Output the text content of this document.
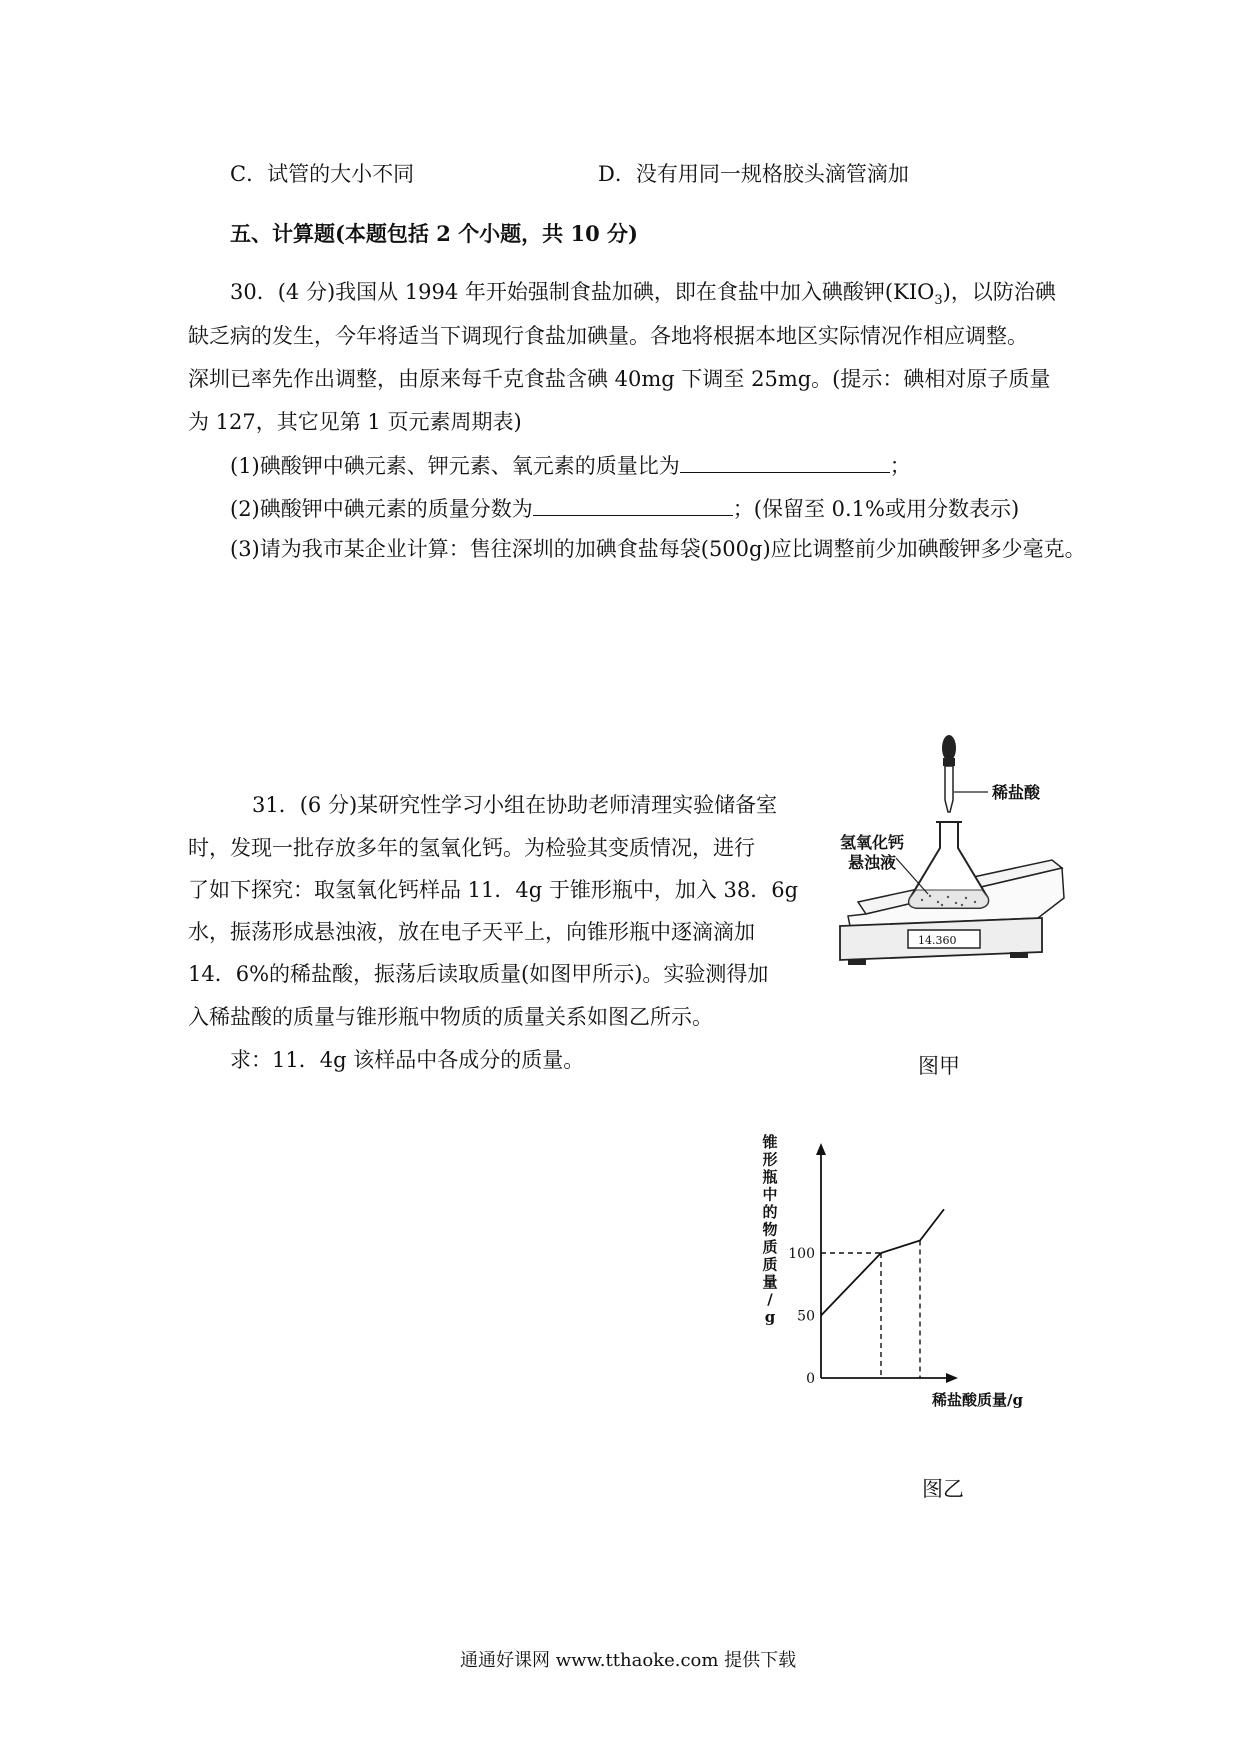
C．试管的大小不同	D．没有用同一规格胶头滴管滴加
五、计算题(本题包括 2 个小题，共 10 分)
30．(4 分)我国从 1994 年开始强制食盐加碘，即在食盐中加入碘酸钾$(KIO_3)$，以防治碘
缺乏病的发生，今年将适当下调现行食盐加碘量。各地将根据本地区实际情况作相应调整。
深圳已率先作出调整，由原来每千克食盐含碘 40mg 下调至 25mg。(提示：碘相对原子质量
为 127，其它见第 1 页元素周期表)
(1)碘酸钾中碘元素、钾元素、氧元素的质量比为	；
(2)碘酸钾中碘元素的质量分数为	；(保留至 0.1%或用分数表示)
(3)请为我市某企业计算：售往深圳的加碘食盐每袋(500g)应比调整前少加碘酸钾多少毫克。
31．(6 分)某研究性学习小组在协助老师清理实验储备室
时，发现一批存放多年的氢氧化钙。为检验其变质情况，进行
了如下探究：取氢氧化钙样品 11．4g 于锥形瓶中，加入 38．6g
水，振荡形成悬浊液，放在电子天平上，向锥形瓶中逐滴滴加
14．6%的稀盐酸，振荡后读取质量(如图甲所示)。实验测得加
入稀盐酸的质量与锥形瓶中物质的质量关系如图乙所示。
求：11．4g 该样品中各成分的质量。
稀盐酸
14.360
氢氧化钙
悬浊液
图甲
锥
形
瓶
中
的
物
质
质
量
/
g
100
50
0
稀盐酸质量/g
图乙
通通好课网 www.tthaoke.com 提供下载
